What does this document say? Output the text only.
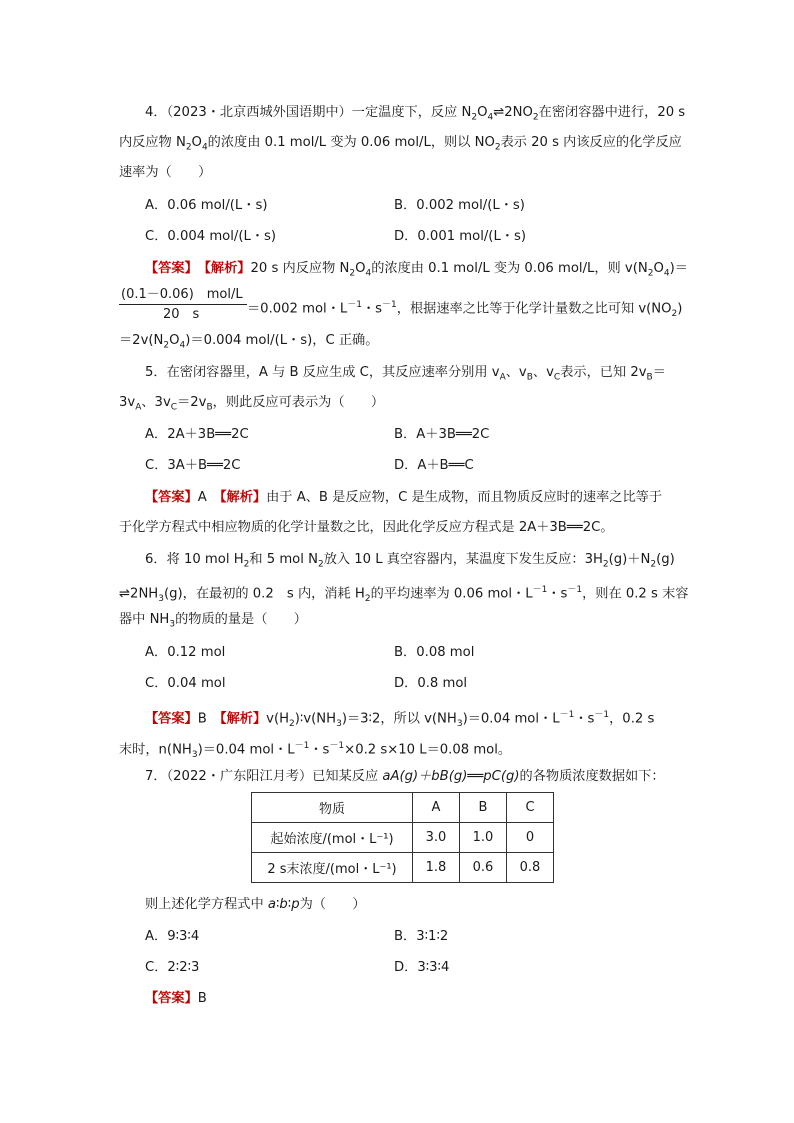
4．（2023・北京西城外国语期中）一定温度下，反应 $N_2O_4\rightleftharpoons 2NO_2$在密闭容器中进行，20 s
内反应物 $N_2O_4$的浓度由 0.1 mol/L 变为 0.06 mol/L，则以 $NO_2$表示 20 s 内该反应的化学反应
速率为（　　）
A．0.06 mol/(L・s)	B．0.002 mol/(L・s)
C．0.004 mol/(L・s)	D．0.001 mol/(L・s)
【答案】　 【解析】20 s 内反应物 $N_2O_4$的浓度由 0.1 mol/L 变为 0.06 mol/L，则 $v(N_2O_4)=$
(0.1－0.06)　mol/L
20　s	＝0.002 mol・$L^{-1}$・$s^{-1}$，根据速率之比等于化学计量数之比可知 $v(NO_2)$
$=2v(N_2O_4)=0.004$ mol/(L・s)，C 正确。
5．在密闭容器里，A 与 B 反应生成 C，其反应速率分别用 $v_A$、$v_B$、$v_C$表示，已知 $2v_B=$
$3v_A$、$3v_C=2v_B$，则此反应可表示为（　　）
A．2A＋3B══2C	B．A＋3B══2C
C．3A＋B══2C	D．A＋B══C
【答案】A　 【解析】由于 A、B 是反应物，C 是生成物，而且物质反应时的速率之比等于
于化学方程式中相应物质的化学计量数之比，因此化学反应方程式是 2A＋3B══2C。
6．将 10 mol $H_2$和 5 mol $N_2$放入 10 L 真空容器内，某温度下发生反应：$3H_2(g)+N_2(g)$
$\rightleftharpoons 2NH_3(g)$，在最初的 0.2　s 内，消耗 $H_2$的平均速率为 0.06 mol・$L^{-1}$・$s^{-1}$，则在 0.2 s 末容
器中 $NH_3$的物质的量是（　　）
A．0.12 mol	B．0.08 mol
C．0.04 mol	D．0.8 mol
【答案】B　 【解析】$v(H_2)∶v(NH_3)=3∶2$，所以 $v(NH_3)=0.04$ mol・$L^{-1}$・$s^{-1}$，0.2 s
末时，$n(NH_3)=0.04$ mol・$L^{-1}$・$s^{-1}\times 0.2$ s×10 L＝0.08 mol。
7．（2022・广东阳江月考）已知某反应 aA(g)＋bB(g)══pC(g)的各物质浓度数据如下：
物质	A	B	C
起始浓度/(mol・L⁻¹)	3.0	1.0	0
2 s末浓度/(mol・L⁻¹)	1.8	0.6	0.8
则上述化学方程式中 a∶b∶p为（　　）
A．9∶3∶4	B．3∶1∶2
C．2∶2∶3	D．3∶3∶4
【答案】B
